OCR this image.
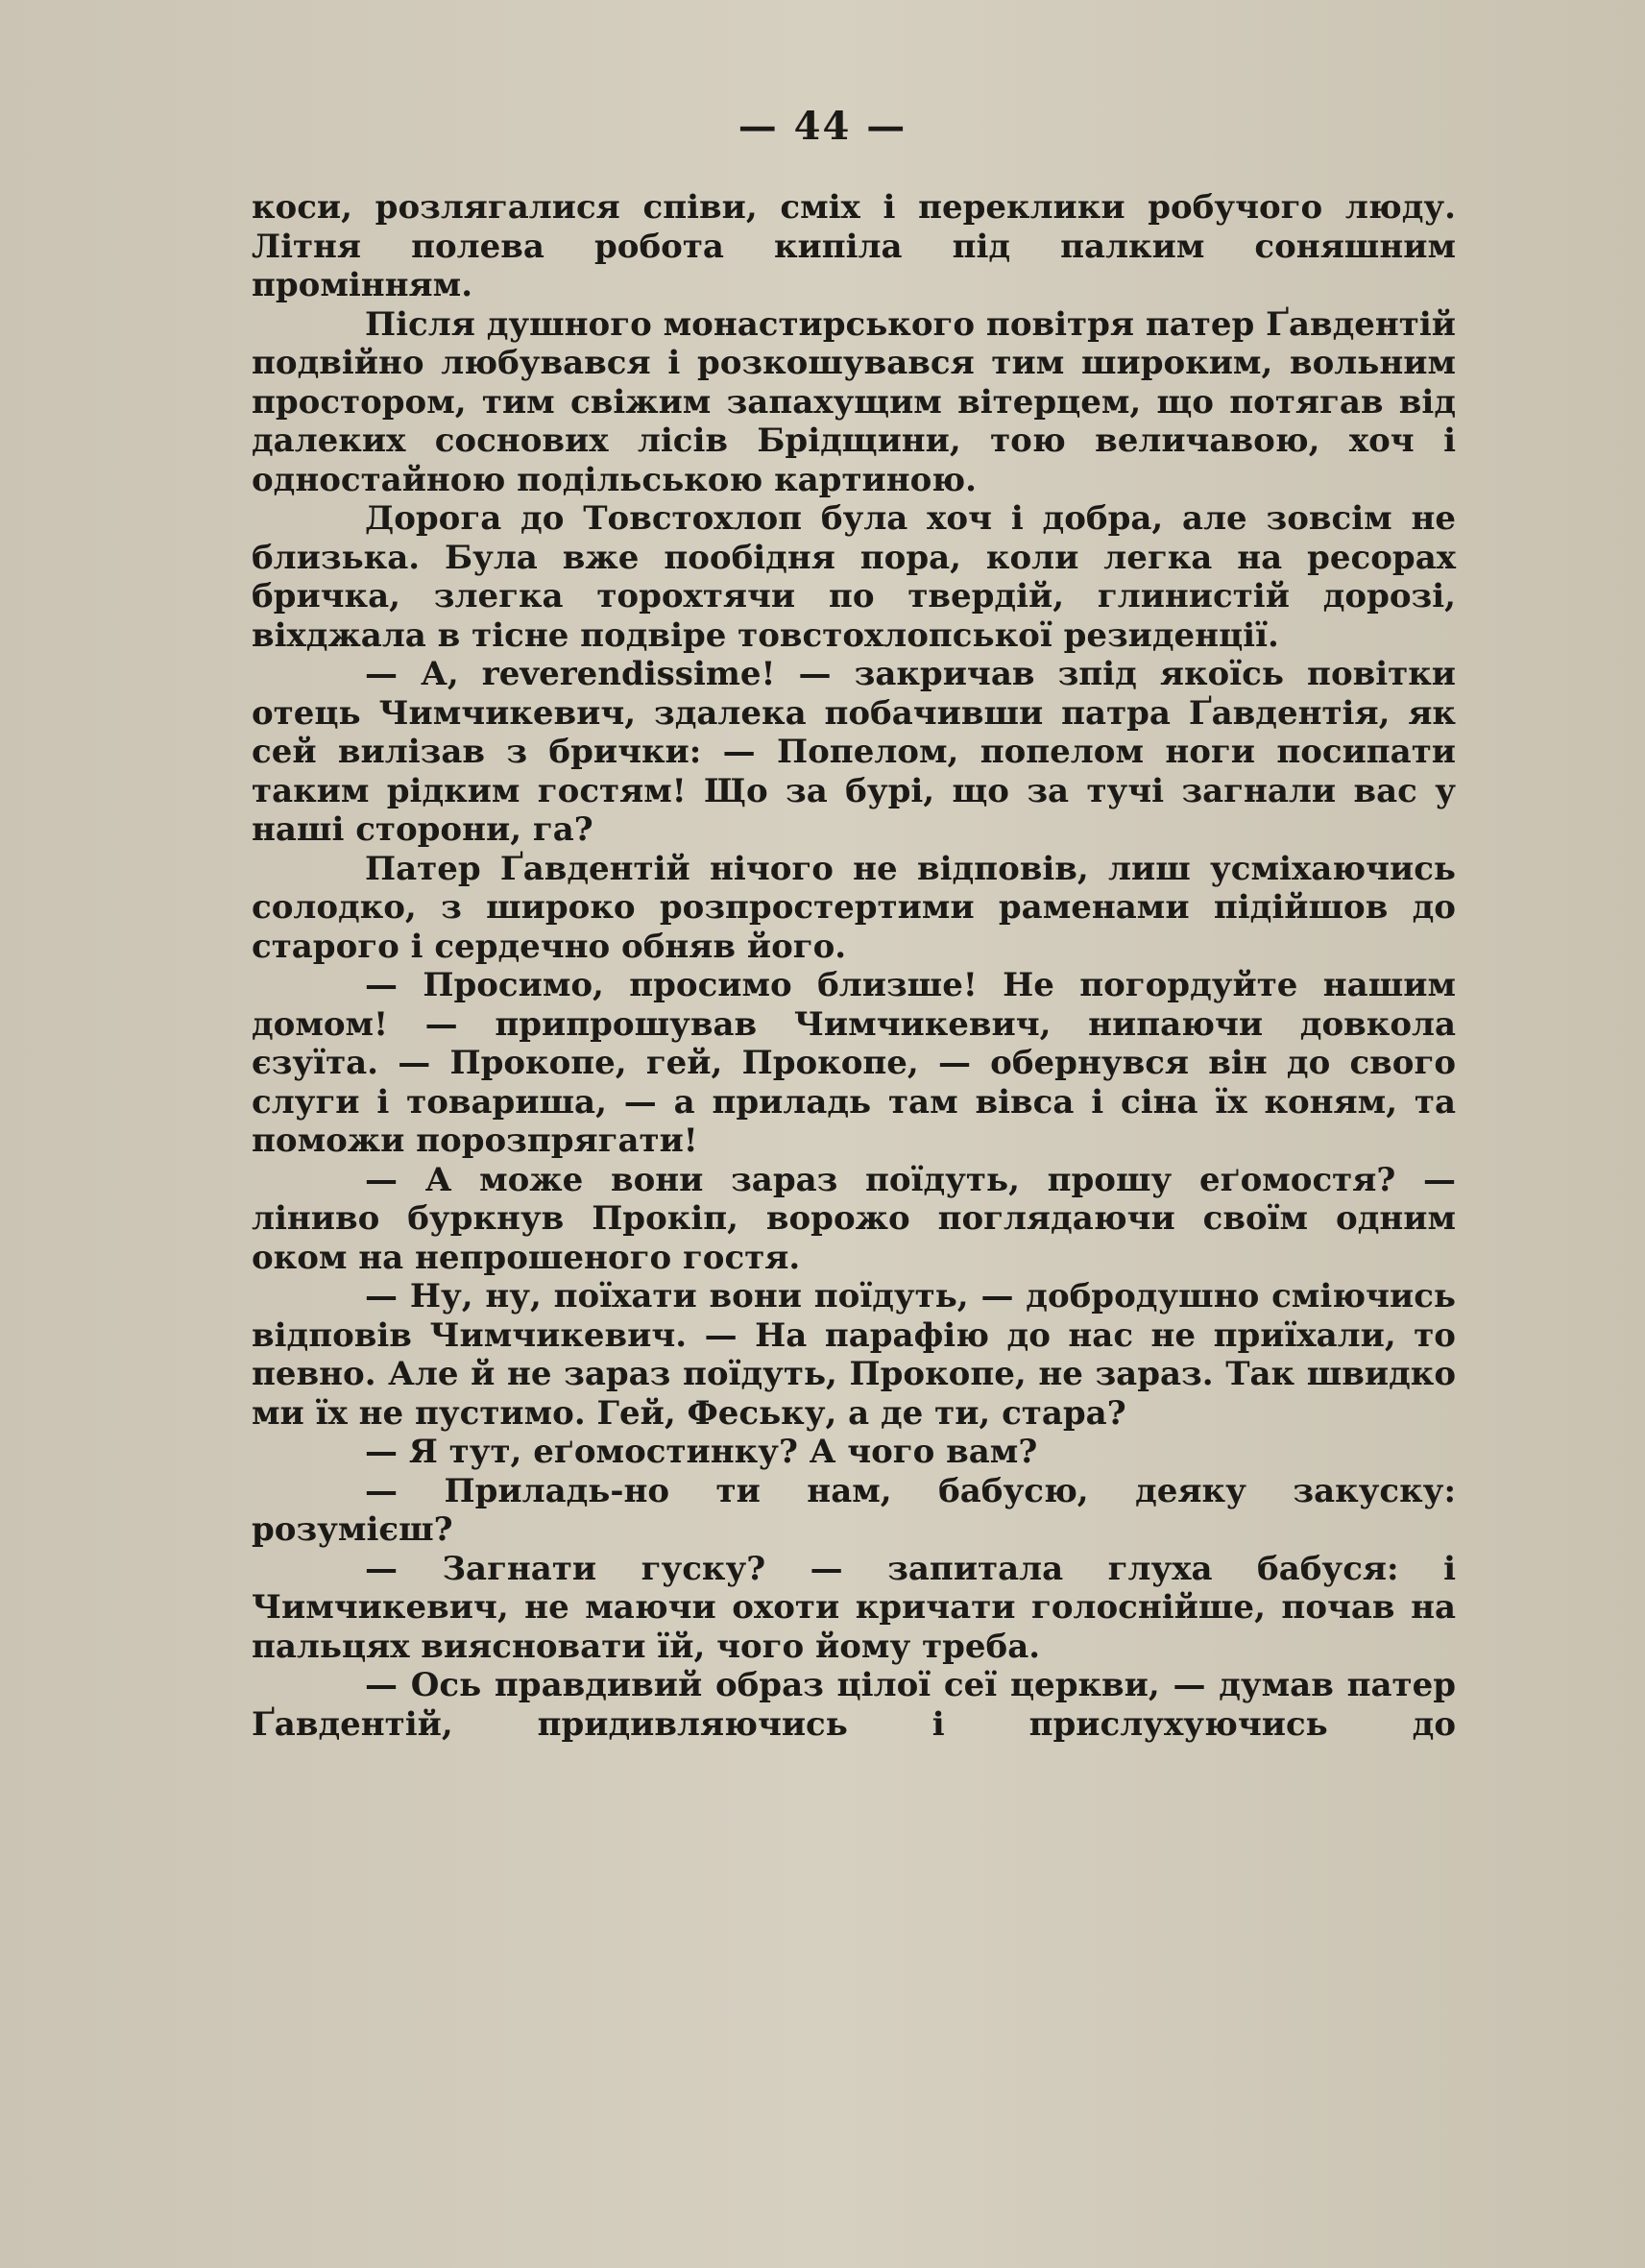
— 44 —

коси, розлягалися співи, сміх і переклики робучого люду. Літня полева робота кипіла під палким соняшним промінням.

Після душного монастирського повітря патер Ґавдентій подвійно любувався і розкошувався тим широким, вольним простором, тим свіжим запахущим вітерцем, що потягав від далеких соснових лісів Брідщини, тою величавою, хоч і одностайною подільською картиною.

Дорога до Товстохлоп була хоч і добра, але зовсім не близька. Була вже пообідня пора, коли легка на ресорах бричка, злегка торохтячи по твердій, глинистій дорозі, віхджала в тісне подвіре товстохлопської резиденції.

— А, reverendissime! — закричав зпід якоїсь повітки отець Чимчикевич, здалека побачивши патра Ґавдентія, як сей вилізав з брички: — Попелом, попелом ноги посипати таким рідким гостям! Що за бурі, що за тучі загнали вас у наші сторони, га?

Патер Ґавдентій нічого не відповів, лиш усміхаючись солодко, з широко розпростертими раменами підійшов до старого і сердечно обняв його.

— Просимо, просимо близше! Не погордуйте нашим домом! — припрошував Чимчикевич, нипаючи довкола єзуїта. — Прокопе, гей, Прокопе, — обернувся він до свого слуги і товариша, — а приладь там вівса і сіна їх коням, та поможи порозпрягати!

— А може вони зараз поїдуть, прошу еґомостя? — ліниво буркнув Прокіп, ворожо поглядаючи своїм одним оком на непрошеного гостя.

— Ну, ну, поїхати вони поїдуть, — добродушно сміючись відповів Чимчикевич. — На парафію до нас не приїхали, то певно. Але й не зараз поїдуть, Прокопе, не зараз. Так швидко ми їх не пустимо. Гей, Феську, а де ти, стара?

— Я тут, еґомостинку? А чого вам?

— Приладь-но ти нам, бабусю, деяку закуску: розумієш?

— Загнати гуску? — запитала глуха бабуся: і Чимчикевич, не маючи охоти кричати голоснійше, почав на пальцях виясновати їй, чого йому треба.

— Ось правдивий образ цілої сеї церкви, — думав патер Ґавдентій, придивляючись і прислухуючись до
